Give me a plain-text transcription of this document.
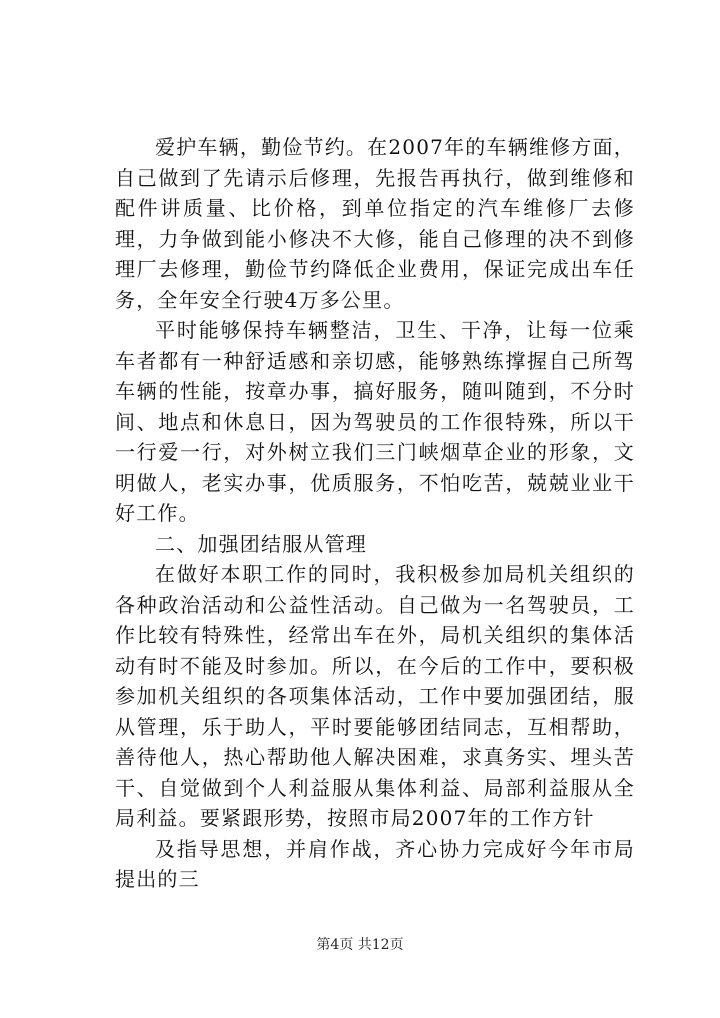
爱护车辆，勤俭节约。在2007年的车辆维修方面，自己做到了先请示后修理，先报告再执行，做到维修和配件讲质量、比价格，到单位指定的汽车维修厂去修理，力争做到能小修决不大修，能自己修理的决不到修理厂去修理，勤俭节约降低企业费用，保证完成出车任务，全年安全行驶4万多公里。

平时能够保持车辆整洁，卫生、干净，让每一位乘车者都有一种舒适感和亲切感，能够熟练撑握自己所驾车辆的性能，按章办事，搞好服务，随叫随到，不分时间、地点和休息日，因为驾驶员的工作很特殊，所以干一行爱一行，对外树立我们三门峡烟草企业的形象，文明做人，老实办事，优质服务，不怕吃苦，兢兢业业干好工作。

二、加强团结服从管理

在做好本职工作的同时，我积极参加局机关组织的各种政治活动和公益性活动。自己做为一名驾驶员，工作比较有特殊性，经常出车在外，局机关组织的集体活动有时不能及时参加。所以，在今后的工作中，要积极参加机关组织的各项集体活动，工作中要加强团结，服从管理，乐于助人，平时要能够团结同志，互相帮助，善待他人，热心帮助他人解决困难，求真务实、埋头苦干、自觉做到个人利益服从集体利益、局部利益服从全局利益。要紧跟形势，按照市局2007年的工作方针

及指导思想，并肩作战，齐心协力完成好今年市局提出的三

第4页 共12页
